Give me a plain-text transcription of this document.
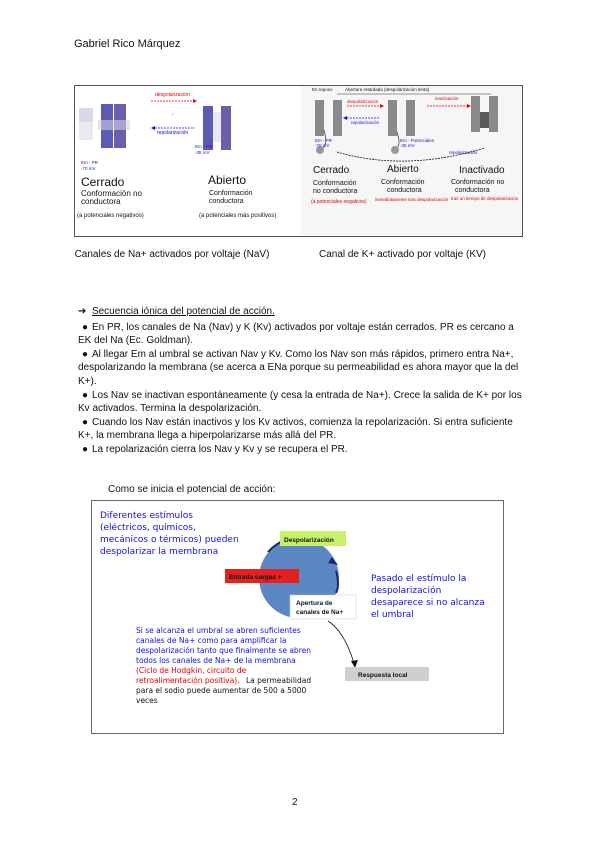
Gabriel Rico Márquez
Em - PR
-70 mV
Cerrado
Conformación no
conductora
(a potenciales negativos)
despolarización
,
repolarización
Em - PR
-35 mV
Abierto
Conformación
conductora
(a potenciales más positivos)
En reposo	Abertura retardada (despolarización lenta)
Em - PR
-70 mV
Cerrado
Conformación
no conductora
(a potenciales negativos)
despolarización
repolarización
Em - Potenciales
-35 mV
Abierto
Conformación
conductora
inmediatamente tras despolarización
inactivación
repolarización
Inactivado
Conformación no
conductora
tras un tiempo de despolarización
Canales de Na+ activados por voltaje (NaV)	Canal de K+ activado por voltaje (KV)
➔ Secuencia iónica del potencial de acción.
● En PR, los canales de Na (Nav) y K (Kv) activados por voltaje están cerrados. PR es cercano a EK del Na (Ec. Goldman).
● Al llegar Em al umbral se activan Nav y Kv. Como los Nav son más rápidos, primero entra Na+, despolarizando la membrana (se acerca a ENa porque su permeabilidad es ahora mayor que la del K+).
● Los Nav se inactivan espontáneamente (y cesa la entrada de Na+). Crece la salida de K+ por los Kv activados. Termina la despolarización.
● Cuando los Nav están inactivos y los Kv activos, comienza la repolarización. Si entra suficiente K+, la membrana llega a hiperpolarizarse más allá del PR.
● La repolarización cierra los Nav y Kv y se recupera el PR.
Como se inicia el potencial de acción:
Diferentes estímulos
(eléctricos, químicos,
mecánicos o térmicos) pueden
despolarizar la membrana
Despolarización
Entrada cargas +
Apertura de
canales de Na+
Pasado el estímulo la
despolarización
desaparece si no alcanza
el umbral
Respuesta local
Si se alcanza el umbral se abren suficientes
canales de Na+ como para amplificar la
despolarización tanto que finalmente se abren
todos los canales de Na+ de la membrana
(Ciclo de Hodgkin, circuito de
retroalimentación positiva). La permeabilidad
para el sodio puede aumentar de 500 a 5000
veces
2
